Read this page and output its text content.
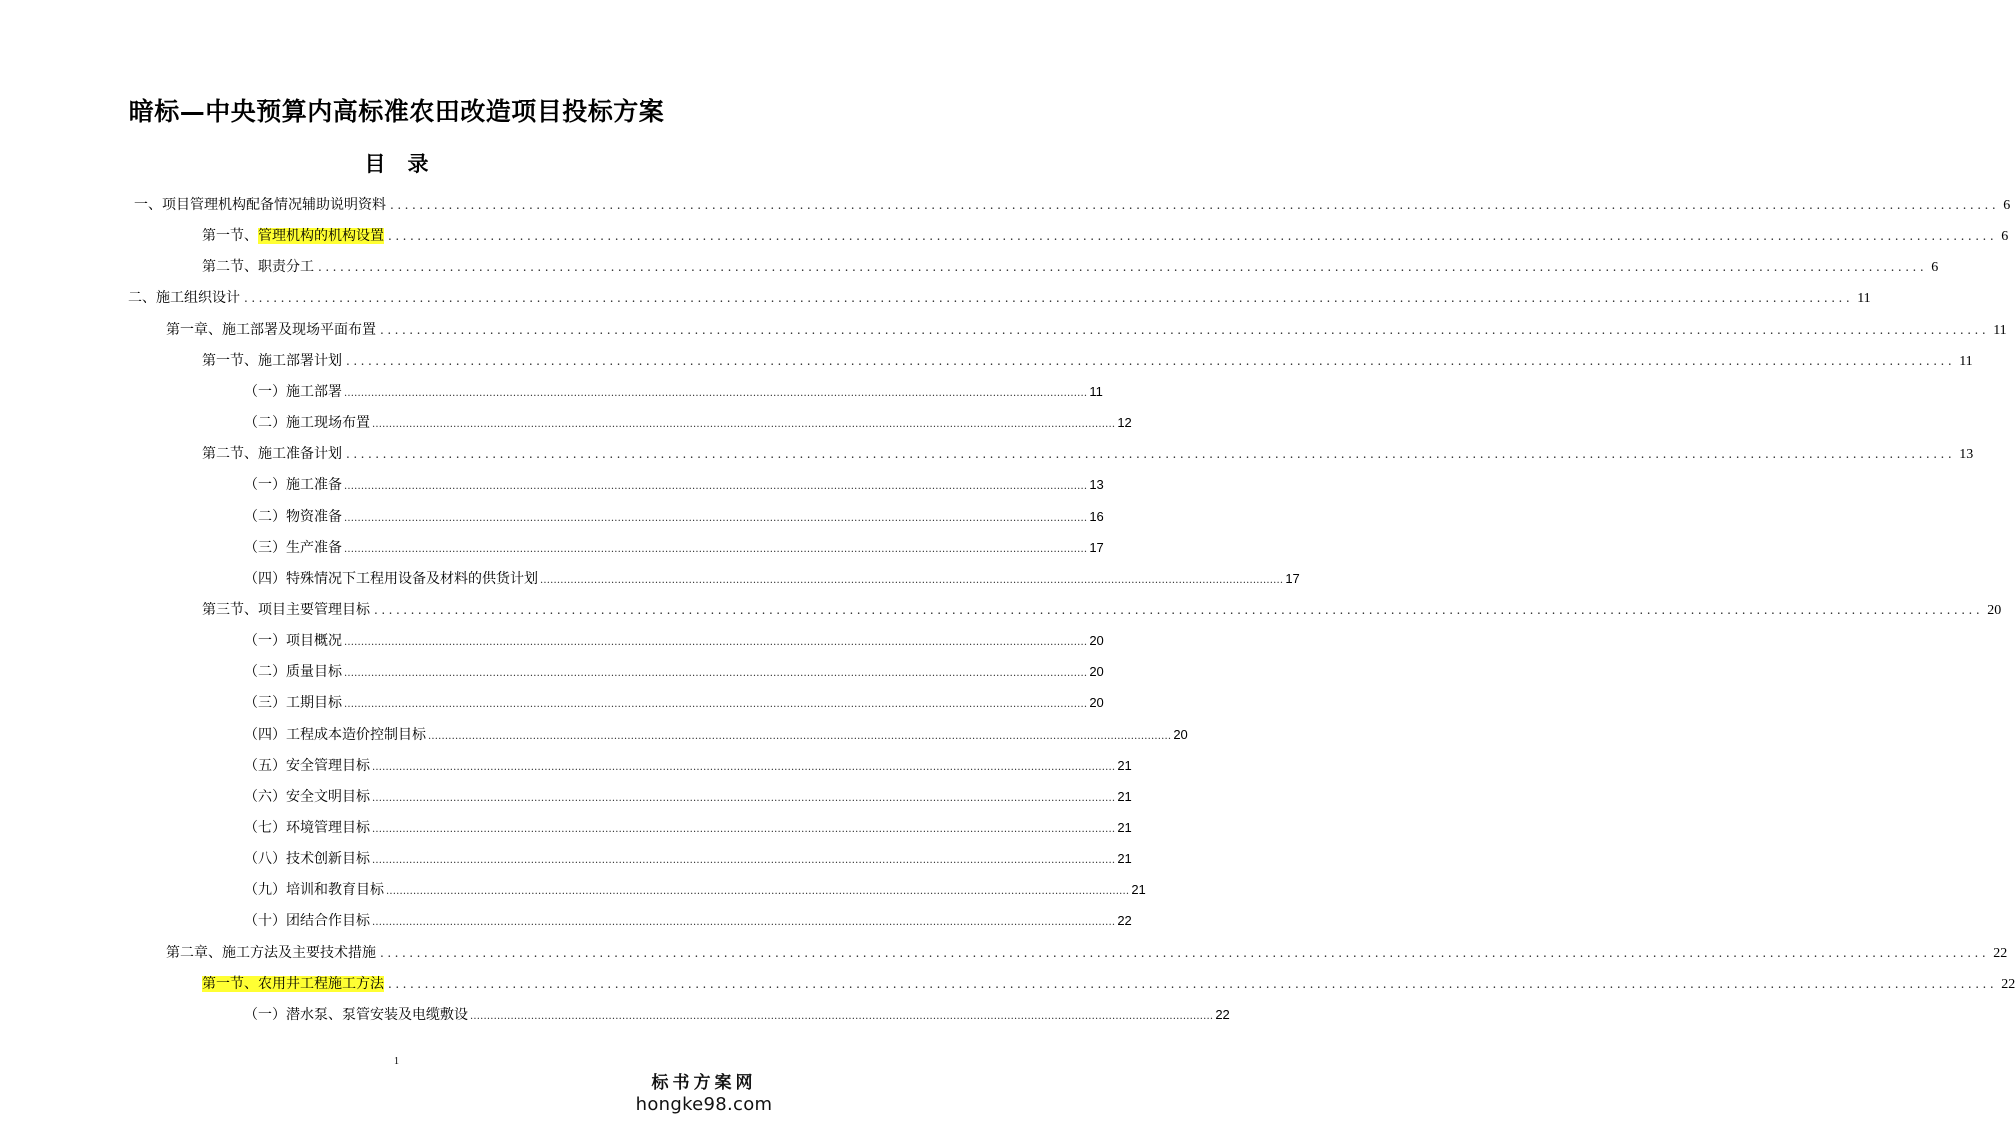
暗标—中央预算内高标准农田改造项目投标方案
目录
一、项目管理机构配备情况辅助说明资料 ............................................................................................................................................................................................................................ 6
第一节、管理机构的机构设置 ............................................................................................................................................................................................................................ 6
第二节、职责分工 ............................................................................................................................................................................................................................ 6
二、施工组织设计 ............................................................................................................................................................................................................................ 11
第一章、施工部署及现场平面布置 ............................................................................................................................................................................................................................ 11
第一节、施工部署计划 ............................................................................................................................................................................................................................ 11
（一）施工部署 ............................................................................................................................................................................................................................ 11
（二）施工现场布置 ............................................................................................................................................................................................................................ 12
第二节、施工准备计划 ............................................................................................................................................................................................................................ 13
（一）施工准备 ............................................................................................................................................................................................................................ 13
（二）物资准备 ............................................................................................................................................................................................................................ 16
（三）生产准备 ............................................................................................................................................................................................................................ 17
（四）特殊情况下工程用设备及材料的供货计划 ............................................................................................................................................................................................................................ 17
第三节、项目主要管理目标 ............................................................................................................................................................................................................................ 20
（一）项目概况 ............................................................................................................................................................................................................................ 20
（二）质量目标 ............................................................................................................................................................................................................................ 20
（三）工期目标 ............................................................................................................................................................................................................................ 20
（四）工程成本造价控制目标 ............................................................................................................................................................................................................................ 20
（五）安全管理目标 ............................................................................................................................................................................................................................ 21
（六）安全文明目标 ............................................................................................................................................................................................................................ 21
（七）环境管理目标 ............................................................................................................................................................................................................................ 21
（八）技术创新目标 ............................................................................................................................................................................................................................ 21
（九）培训和教育目标 ............................................................................................................................................................................................................................ 21
（十）团结合作目标 ............................................................................................................................................................................................................................ 22
第二章、施工方法及主要技术措施 ............................................................................................................................................................................................................................ 22
第一节、农用井工程施工方法 ............................................................................................................................................................................................................................ 22
（一）潜水泵、泵管安装及电缆敷设 ............................................................................................................................................................................................................................ 22
1
标书方案网
hongke98.com
